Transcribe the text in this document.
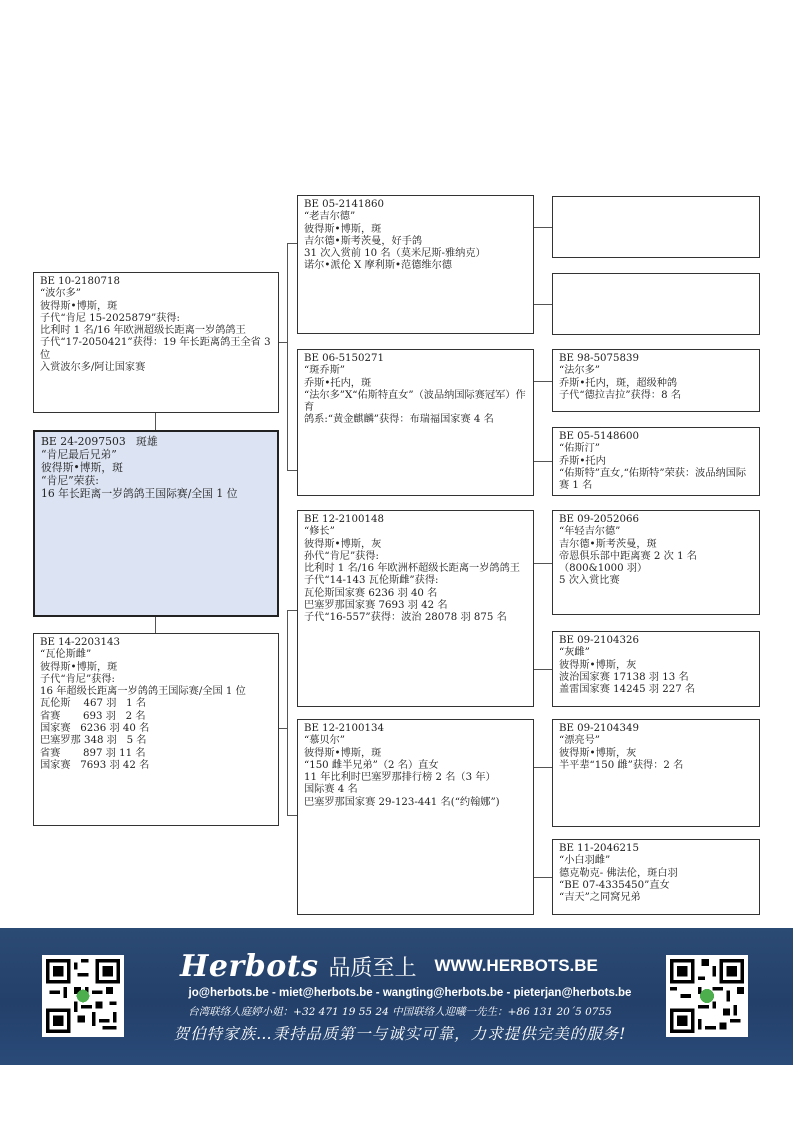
BE 10-2180718
“波尔多”
彼得斯•博斯，斑
子代“肯尼 15-2025879”获得:
比利时 1 名/16 年欧洲超级长距离一岁鸽鸽王
子代“17-2050421”获得：19 年长距离鸽王全省 3 位
入赏波尔多/阿让国家赛
BE 24-2097503   斑雄
“肯尼最后兄弟”
彼得斯•博斯，斑
“肯尼”荣获:
16 年长距离一岁鸽鸽王国际赛/全国 1 位
BE 14-2203143
“瓦伦斯雌”
彼得斯•博斯，斑
子代“肯尼”获得:
16 年超级长距离一岁鸽鸽王国际赛/全国 1 位
瓦伦斯    467 羽   1 名
省赛       693 羽   2 名
国家赛   6236 羽 40 名
巴塞罗那 348 羽   5 名
省赛       897 羽 11 名
国家赛   7693 羽 42 名
BE 05-2141860
“老吉尔德”
彼得斯•博斯，斑
吉尔德•斯考茨曼，好手鸽
31 次入赏前 10 名（莫米尼斯-雅纳克）
诺尔•派伦 X 摩利斯•范德维尔德
BE 06-5150271
“斑乔斯”
乔斯•托内，斑
“法尔多”X“佑斯特直女”（波品纳国际赛冠军）作育
鸽系:“黄金麒麟”获得：布瑞福国家赛 4 名
BE 12-2100148
“修长”
彼得斯•博斯，灰
孙代“肯尼”获得:
比利时 1 名/16 年欧洲杯超级长距离一岁鸽鸽王
子代“14-143 瓦伦斯雌”获得:
瓦伦斯国家赛 6236 羽 40 名
巴塞罗那国家赛 7693 羽 42 名
子代“16-557”获得：波治 28078 羽 875 名
BE 12-2100134
“慕贝尔”
彼得斯•博斯，斑
“150 雌半兄弟”（2 名）直女
11 年比利时巴塞罗那排行榜 2 名（3 年）
国际赛 4 名
巴塞罗那国家赛 29-123-441 名(“约翰娜”)
BE 98-5075839
“法尔多”
乔斯•托内，斑，超级种鸽
子代“德拉吉拉”获得：8 名
BE 05-5148600
“佑斯汀”
乔斯•托内
“佑斯特”直女,“佑斯特”荣获：波品纳国际赛 1 名
BE 09-2052066
“年轻吉尔德”
吉尔德•斯考茨曼，斑
帝恩俱乐部中距离赛 2 次 1 名（800&1000 羽）
5 次入赏比赛
BE 09-2104326
“灰雌”
彼得斯•博斯，灰
波治国家赛 17138 羽 13 名
盖雷国家赛 14245 羽 227 名
BE 09-2104349
“漂亮号”
彼得斯•博斯，灰
半平辈“150 雌”获得：2 名
BE 11-2046215
“小白羽雌”
德克勒克- 佛法伦，斑白羽
“BE 07-4335450”直女
“吉天”之同窝兄弟
Herbots 品质至上 WWW.HERBOTS.BE
jo@herbots.be - miet@herbots.be - wangting@herbots.be - pieterjan@herbots.be
台湾联络人庭婷小姐：+32 471 19 55 24 中国联络人迎曦一先生：+86 131 20´5 0755
贺伯特家族…秉持品质第一与诚实可靠，力求提供完美的服务!
